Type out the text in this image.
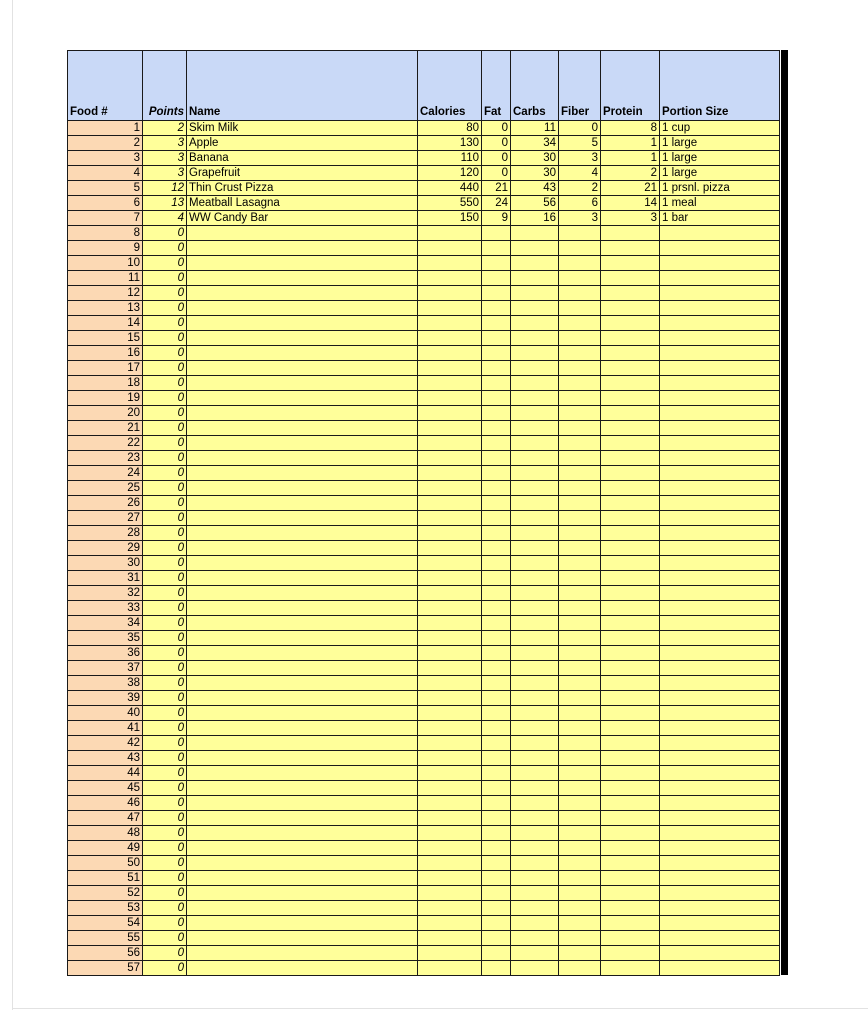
Food #	Points	Name	Calories	Fat	Carbs	Fiber	Protein	Portion Size
1	2	Skim Milk	80	0	11	0	8	1 cup
2	3	Apple	130	0	34	5	1	1 large
3	3	Banana	110	0	30	3	1	1 large
4	3	Grapefruit	120	0	30	4	2	1 large
5	12	Thin Crust Pizza	440	21	43	2	21	1 prsnl. pizza
6	13	Meatball Lasagna	550	24	56	6	14	1 meal
7	4	WW Candy Bar	150	9	16	3	3	1 bar
8	0							
9	0							
10	0							
11	0							
12	0							
13	0							
14	0							
15	0							
16	0							
17	0							
18	0							
19	0							
20	0							
21	0							
22	0							
23	0							
24	0							
25	0							
26	0							
27	0							
28	0							
29	0							
30	0							
31	0							
32	0							
33	0							
34	0							
35	0							
36	0							
37	0							
38	0							
39	0							
40	0							
41	0							
42	0							
43	0							
44	0							
45	0							
46	0							
47	0							
48	0							
49	0							
50	0							
51	0							
52	0							
53	0							
54	0							
55	0							
56	0							
57	0							
